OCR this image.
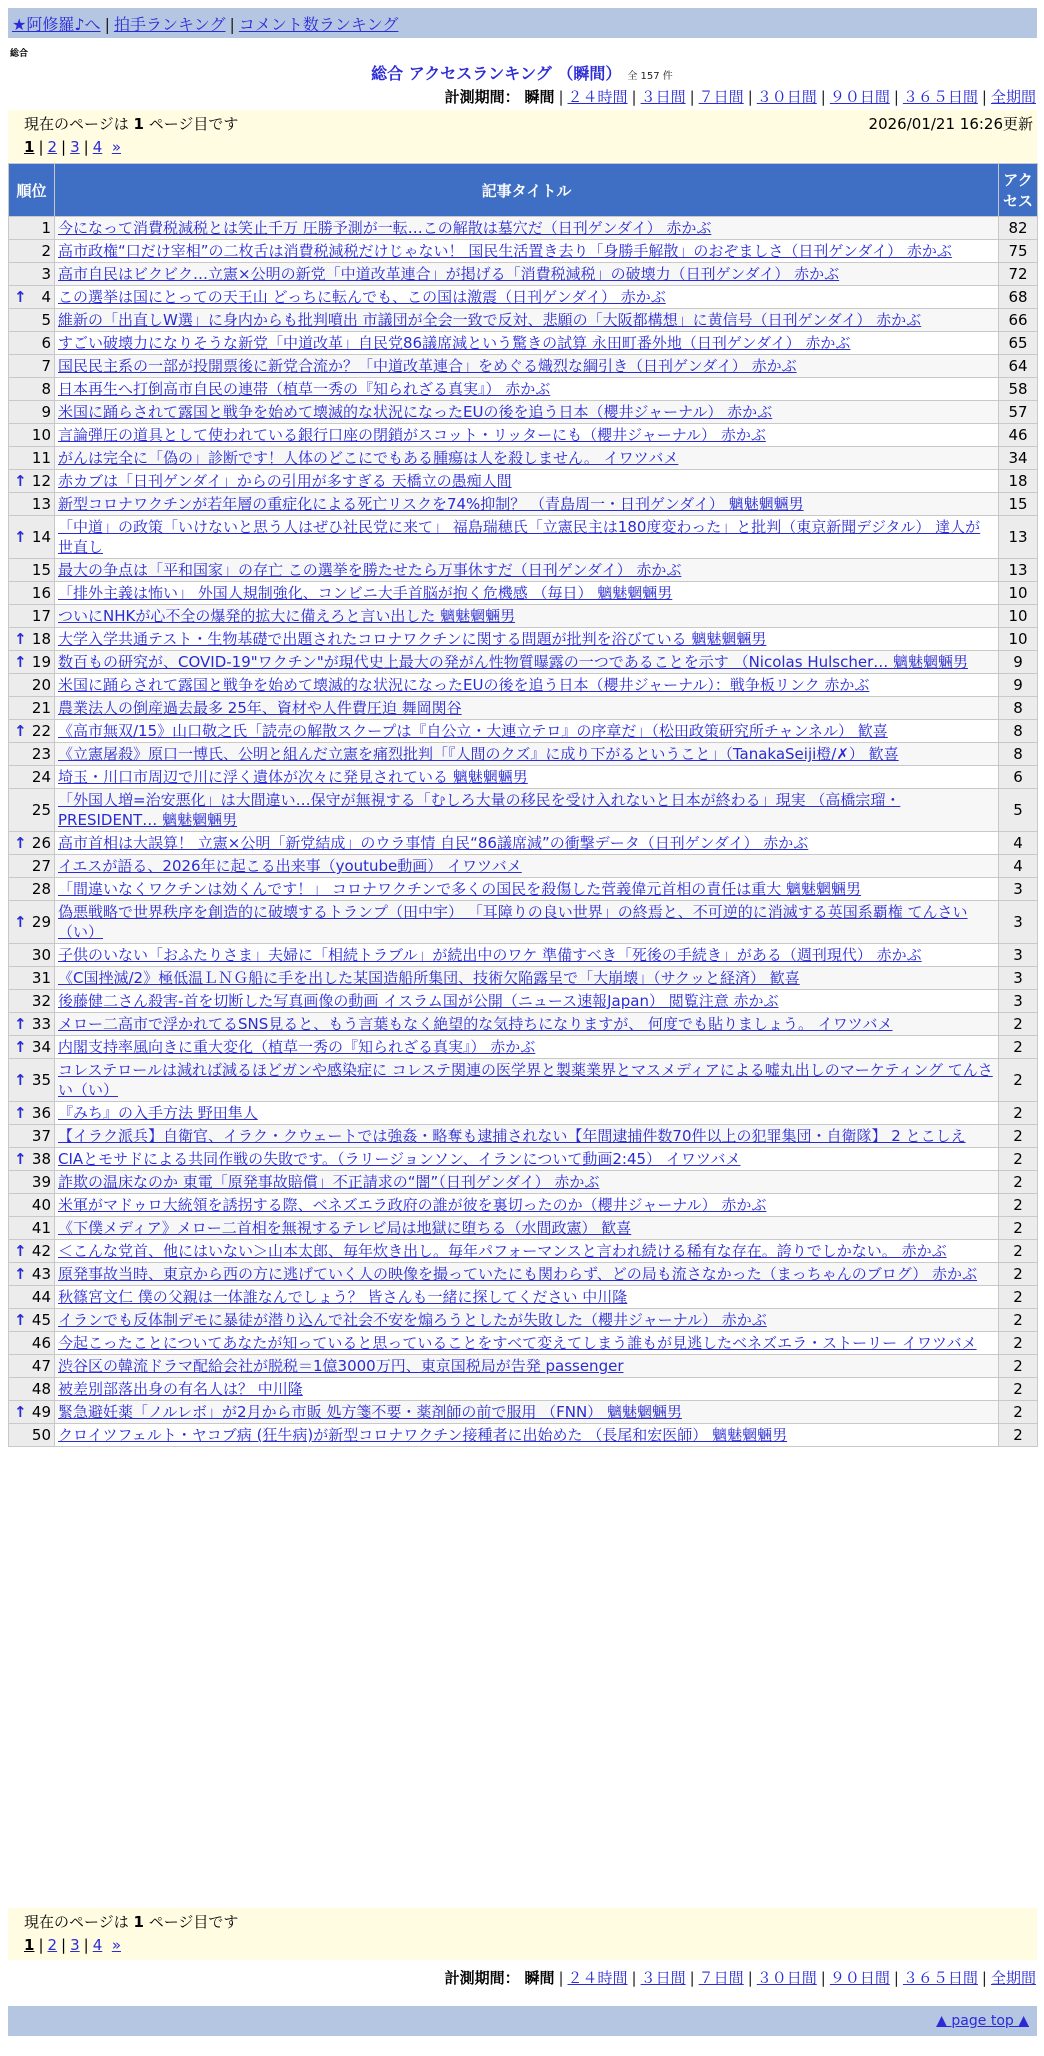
★阿修羅♪へ | 拍手ランキング | コメント数ランキング
総合
総合 アクセスランキング （瞬間） 全 157 件
計測期間： 瞬間 | ２４時間 | ３日間 | ７日間 | ３０日間 | ９０日間 | ３６５日間 | 全期間
現在のページは 1 ページ目です	2026/01/21 16:26更新
1 | 2 | 3 | 4 »
順位	記事タイトル	アクセス
1	今になって消費税減税とは笑止千万 圧勝予測が一転…この解散は墓穴だ（日刊ゲンダイ） 赤かぶ	82
2	高市政権“口だけ宰相”の二枚舌は消費税減税だけじゃない！ 国民生活置き去り「身勝手解散」のおぞましさ（日刊ゲンダイ） 赤かぶ	75
3	高市自民はビクビク…立憲×公明の新党「中道改革連合」が掲げる「消費税減税」の破壊力（日刊ゲンダイ） 赤かぶ	72

↑ 4	この選挙は国にとっての天王山 どっちに転んでも、この国は激震（日刊ゲンダイ） 赤かぶ	68
5	維新の「出直しW選」に身内からも批判噴出 市議団が全会一致で反対、悲願の「大阪都構想」に黄信号（日刊ゲンダイ） 赤かぶ	66
6	すごい破壊力になりそうな新党「中道改革」自民党86議席減という驚きの試算 永田町番外地（日刊ゲンダイ） 赤かぶ	65
7	国民民主系の一部が投開票後に新党合流か？「中道改革連合」をめぐる熾烈な綱引き（日刊ゲンダイ） 赤かぶ	64
8	日本再生へ打倒高市自民の連帯（植草一秀の『知られざる真実』） 赤かぶ	58
9	米国に踊らされて露国と戦争を始めて壊滅的な状況になったEUの後を追う日本（櫻井ジャーナル） 赤かぶ	57
10	言論弾圧の道具として使われている銀行口座の閉鎖がスコット・リッターにも（櫻井ジャーナル） 赤かぶ	46
11	がんは完全に「偽の」診断です！人体のどこにでもある腫瘍は人を殺しません。 イワツバメ	34

↑ 12	赤カブは「日刊ゲンダイ」からの引用が多すぎる 天橋立の愚痴人間	18
13	新型コロナワクチンが若年層の重症化による死亡リスクを74%抑制？ （青島周一・日刊ゲンダイ） 魑魅魍魎男	15

↑ 14	「中道」の政策「いけないと思う人はぜひ社民党に来て」 福島瑞穂氏「立憲民主は180度変わった」と批判（東京新聞デジタル） 達人が世直し	13
15	最大の争点は「平和国家」の存亡 この選挙を勝たせたら万事休すだ（日刊ゲンダイ） 赤かぶ	13
16	「排外主義は怖い」 外国人規制強化、コンビニ大手首脳が抱く危機感 （毎日） 魑魅魍魎男	10
17	ついにNHKが心不全の爆発的拡大に備えろと言い出した 魑魅魍魎男	10

↑ 18	大学入学共通テスト・生物基礎で出題されたコロナワクチンに関する問題が批判を浴びている 魑魅魍魎男	10

↑ 19	数百もの研究が、COVID-19"ワクチン"が現代史上最大の発がん性物質曝露の一つであることを示す （Nicolas Hulscher… 魑魅魍魎男	9
20	米国に踊らされて露国と戦争を始めて壊滅的な状況になったEUの後を追う日本（櫻井ジャーナル）：戦争板リンク 赤かぶ	9
21	農業法人の倒産過去最多 25年、資材や人件費圧迫 舞岡関谷	8

↑ 22	《高市無双/15》山口敬之氏「読売の解散スクープは『自公立・大連立テロ』の序章だ」（松田政策研究所チャンネル） 歓喜	8
23	《立憲屠殺》原口一博氏、公明と組んだ立憲を痛烈批判「『人間のクズ』に成り下がるということ」（TanakaSeiji橙/✗） 歓喜	8
24	埼玉・川口市周辺で川に浮く遺体が次々に発見されている 魑魅魍魎男	6
25	「外国人増=治安悪化」は大間違い…保守が無視する「むしろ大量の移民を受け入れないと日本が終わる」現実 （高橋宗瑠・PRESIDENT… 魑魅魍魎男	5

↑ 26	高市首相は大誤算！ 立憲×公明「新党結成」のウラ事情 自民“86議席減”の衝撃データ（日刊ゲンダイ） 赤かぶ	4
27	イエスが語る、2026年に起こる出来事（youtube動画） イワツバメ	4
28	「間違いなくワクチンは効くんです！」 コロナワクチンで多くの国民を殺傷した菅義偉元首相の責任は重大 魑魅魍魎男	3

↑ 29	偽悪戦略で世界秩序を創造的に破壊するトランプ（田中宇） 「耳障りの良い世界」の終焉と、不可逆的に消滅する英国系覇権 てんさい（い）	3
30	子供のいない「おふたりさま」夫婦に「相続トラブル」が続出中のワケ 準備すべき「死後の手続き」がある（週刊現代） 赤かぶ	3
31	《C国挫滅/2》極低温ＬＮＧ船に手を出した某国造船所集団、技術欠陥露呈で「大崩壊」（サクッと経済） 歓喜	3
32	後藤健二さん殺害-首を切断した写真画像の動画 イスラム国が公開（ニュース速報Japan） 閲覧注意 赤かぶ	3

↑ 33	メロー二高市で浮かれてるSNS見ると、もう言葉もなく絶望的な気持ちになりますが、 何度でも貼りましょう。 イワツバメ	2

↑ 34	内閣支持率風向きに重大変化（植草一秀の『知られざる真実』） 赤かぶ	2

↑ 35	コレステロールは減れば減るほどガンや感染症に コレステ関連の医学界と製薬業界とマスメディアによる嘘丸出しのマーケティング てんさい（い）	2

↑ 36	『みち』の入手方法 野田隼人	2
37	【イラク派兵】自衛官、イラク・クウェートでは強姦・略奪も逮捕されない【年間逮捕件数70件以上の犯罪集団・自衛隊】 2 とこしえ	2

↑ 38	CIAとモサドによる共同作戦の失敗です。（ラリージョンソン、イランについて動画2:45） イワツバメ	2
39	詐欺の温床なのか 東電「原発事故賠償」不正請求の“闇”（日刊ゲンダイ） 赤かぶ	2
40	米軍がマドゥロ大統領を誘拐する際、ベネズエラ政府の誰が彼を裏切ったのか（櫻井ジャーナル） 赤かぶ	2
41	《下僕メディア》メロー二首相を無視するテレビ局は地獄に堕ちる（水間政憲） 歓喜	2

↑ 42	＜こんな党首、他にはいない＞山本太郎、毎年炊き出し。毎年パフォーマンスと言われ続ける稀有な存在。誇りでしかない。 赤かぶ	2

↑ 43	原発事故当時、東京から西の方に逃げていく人の映像を撮っていたにも関わらず、どの局も流さなかった（まっちゃんのブログ） 赤かぶ	2
44	秋篠宮文仁 僕の父親は一体誰なんでしょう？ 皆さんも一緒に探してください 中川隆	2

↑ 45	イランでも反体制デモに暴徒が潜り込んで社会不安を煽ろうとしたが失敗した（櫻井ジャーナル） 赤かぶ	2
46	今起こったことについてあなたが知っていると思っていることをすべて変えてしまう誰もが見逃したベネズエラ・ストーリー イワツバメ	2
47	渋谷区の韓流ドラマ配給会社が脱税＝1億3000万円、東京国税局が告発 passenger	2
48	被差別部落出身の有名人は？ 中川隆	2

↑ 49	緊急避妊薬「ノルレボ」が2月から市販 処方箋不要・薬剤師の前で服用 （FNN） 魑魅魍魎男	2
50	クロイツフェルト・ヤコブ病 (狂牛病)が新型コロナワクチン接種者に出始めた （長尾和宏医師） 魑魅魍魎男	2
現在のページは 1 ページ目です
1 | 2 | 3 | 4 »
計測期間： 瞬間 | ２４時間 | ３日間 | ７日間 | ３０日間 | ９０日間 | ３６５日間 | 全期間
▲ page top ▲
